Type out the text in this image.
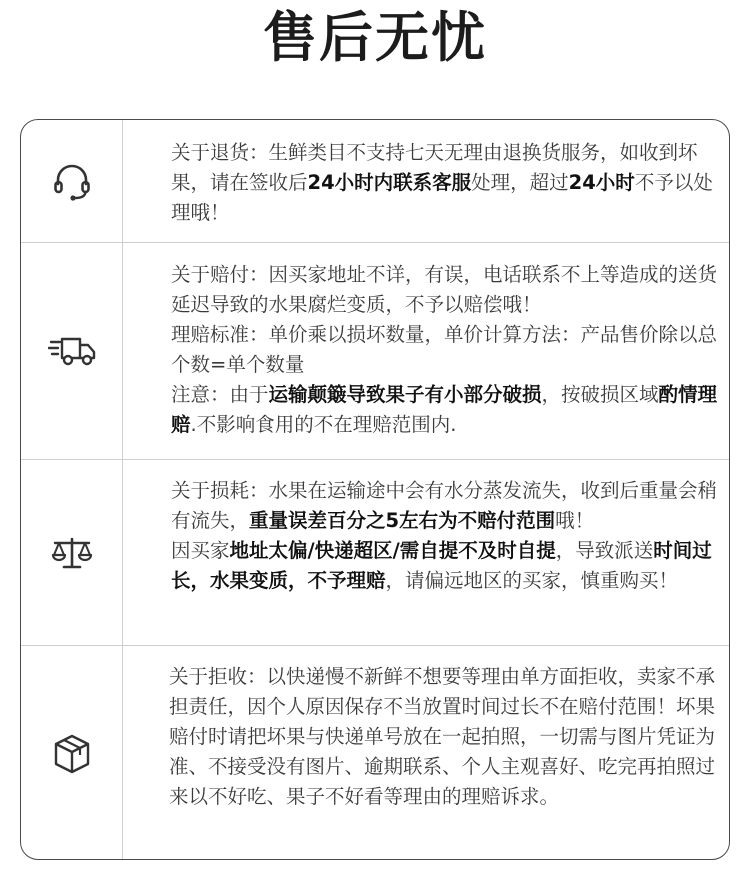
售后无忧

关于退货：生鲜类目不支持七天无理由退换货服务，如收到坏果，请在签收后24小时内联系客服处理，超过24小时不予以处理哦！

关于赔付：因买家地址不详，有误，电话联系不上等造成的送货延迟导致的水果腐烂变质，不予以赔偿哦！

理赔标准：单价乘以损坏数量，单价计算方法：产品售价除以总个数=单个数量

注意：由于运输颠簸导致果子有小部分破损，按破损区域酌情理赔.不影响食用的不在理赔范围内.

关于损耗：水果在运输途中会有水分蒸发流失，收到后重量会稍有流失，重量误差百分之5左右为不赔付范围哦！

因买家地址太偏/快递超区/需自提不及时自提，导致派送时间过长，水果变质，不予理赔，请偏远地区的买家，慎重购买！

关于拒收：以快递慢不新鲜不想要等理由单方面拒收，卖家不承担责任，因个人原因保存不当放置时间过长不在赔付范围！坏果赔付时请把坏果与快递单号放在一起拍照，一切需与图片凭证为准、不接受没有图片、逾期联系、个人主观喜好、吃完再拍照过来以不好吃、果子不好看等理由的理赔诉求。
